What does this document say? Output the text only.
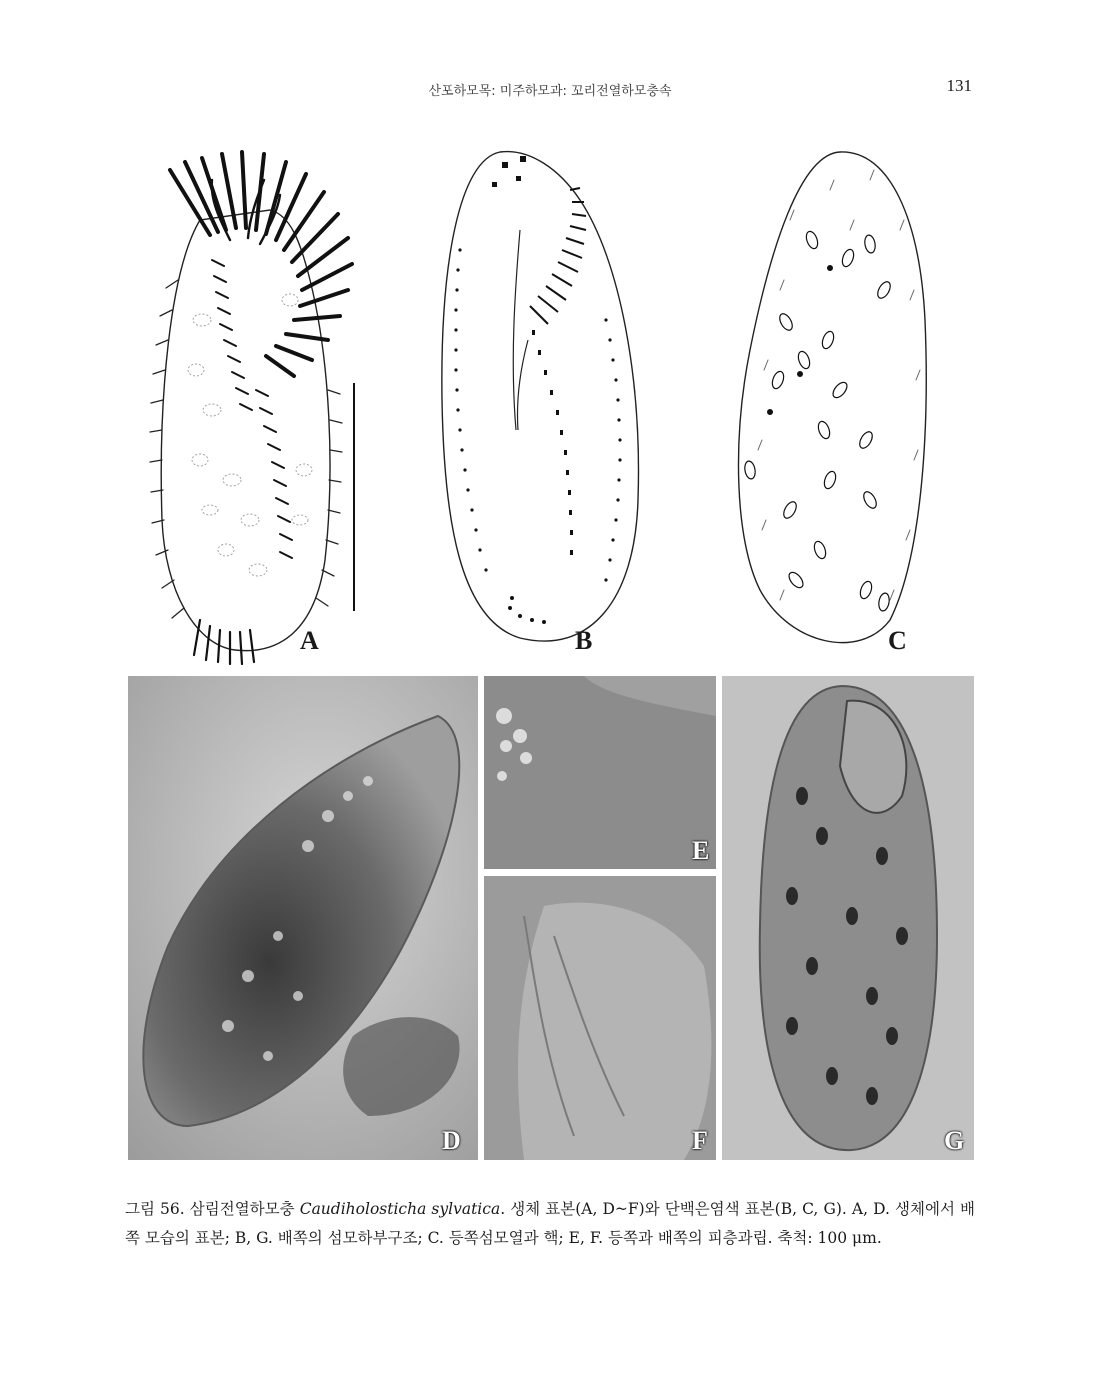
산포하모목: 미주하모과: 꼬리전열하모충속	131
A	B	C
D
E
F	G
그림 56. 삼림전열하모충 Caudiholosticha sylvatica. 생체 표본(A, D~F)와 단백은염색 표본(B, C, G). A, D. 생체에서 배쪽 모습의 표본; B, G. 배쪽의 섬모하부구조; C. 등쪽섬모열과 핵; E, F. 등쪽과 배쪽의 피층과립. 축척: 100 μm.
